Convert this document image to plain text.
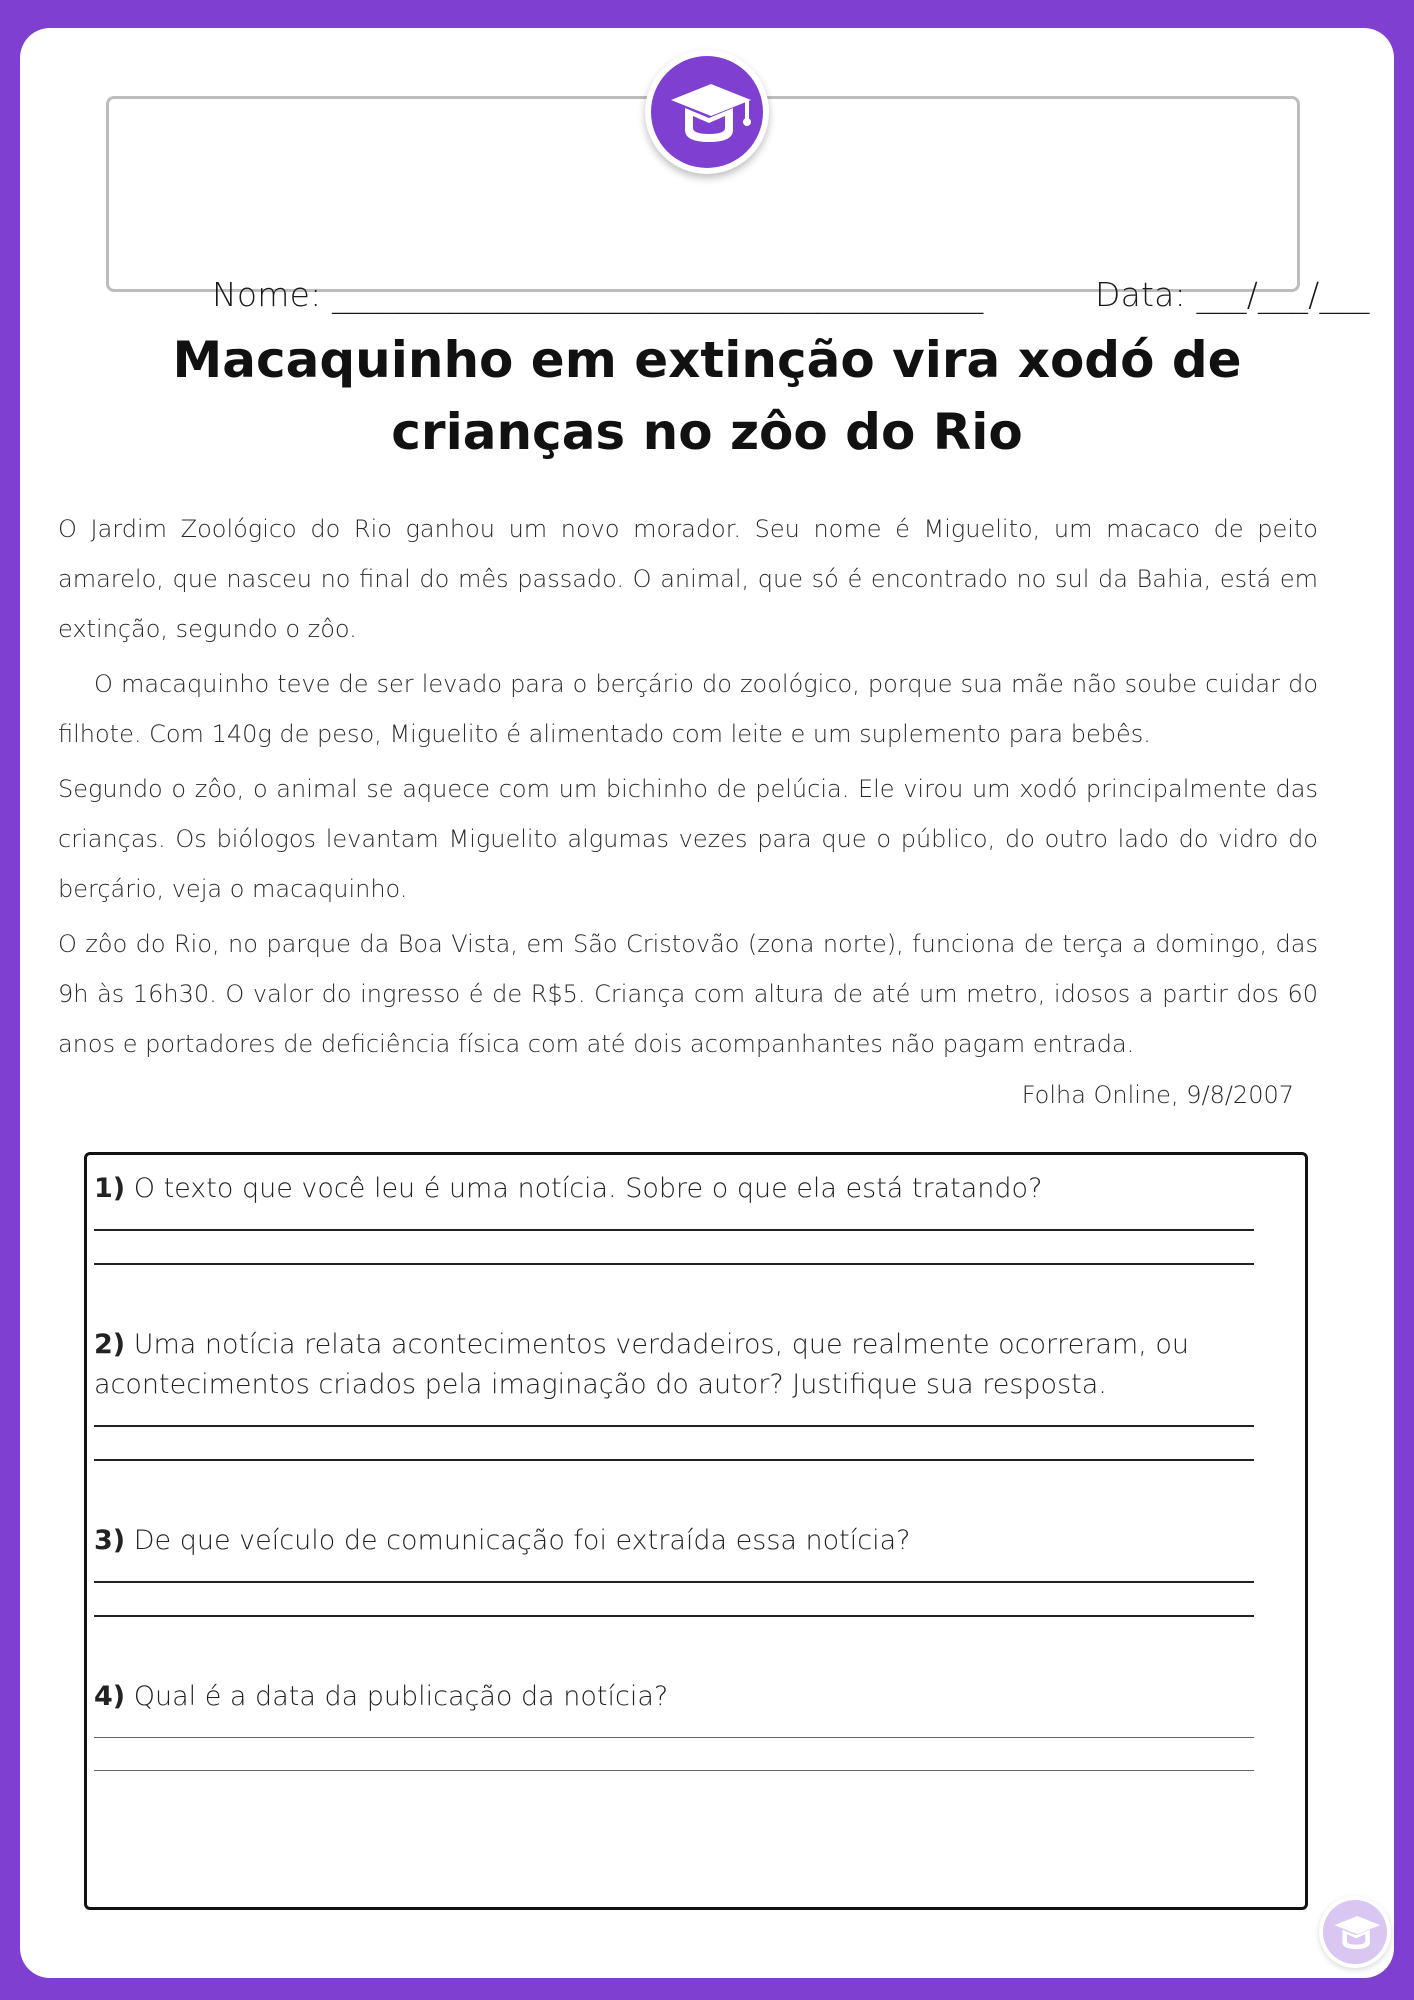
Nome: _______________________________________	Data: ___/___/___
Macaquinho em extinção vira xodó de
crianças no zôo do Rio

O Jardim Zoológico do Rio ganhou um novo morador. Seu nome é Miguelito, um macaco de peito amarelo, que nasceu no final do mês passado. O animal, que só é encontrado no sul da Bahia, está em extinção, segundo o zôo.

O macaquinho teve de ser levado para o berçário do zoológico, porque sua mãe não soube cuidar do filhote. Com 140g de peso, Miguelito é alimentado com leite e um suplemento para bebês.

Segundo o zôo, o animal se aquece com um bichinho de pelúcia. Ele virou um xodó principalmente das crianças. Os biólogos levantam Miguelito algumas vezes para que o público, do outro lado do vidro do berçário, veja o macaquinho.

O zôo do Rio, no parque da Boa Vista, em São Cristovão (zona norte), funciona de terça a domingo, das 9h às 16h30. O valor do ingresso é de R$5. Criança com altura de até um metro, idosos a partir dos 60 anos e portadores de deficiência física com até dois acompanhantes não pagam entrada.

Folha Online, 9/8/2007
1) O texto que você leu é uma notícia. Sobre o que ela está tratando?
2) Uma notícia relata acontecimentos verdadeiros, que realmente ocorreram, ou acontecimentos criados pela imaginação do autor? Justifique sua resposta.
3) De que veículo de comunicação foi extraída essa notícia?
4) Qual é a data da publicação da notícia?
